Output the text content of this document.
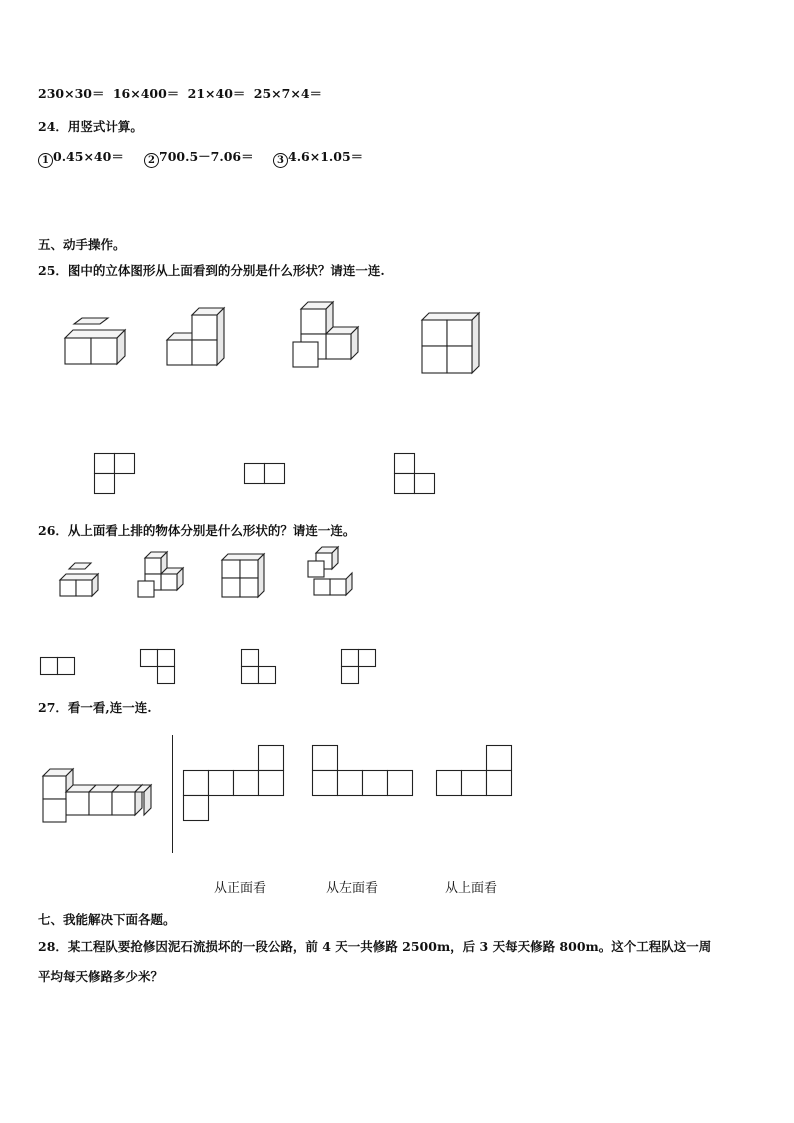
230×30＝ 16×400＝ 21×40＝ 25×7×4＝
24．用竖式计算。
1 0.45×40＝	2 700.5－7.06＝	3 4.6×1.05＝
五、动手操作。
25．图中的立体图形从上面看到的分别是什么形状？请连一连.
26．从上面看上排的物体分别是什么形状的？请连一连。
27．看一看,连一连.
从正面看	从左面看	从上面看
七、我能解决下面各题。
28．某工程队要抢修因泥石流损坏的一段公路，前 4 天一共修路 2500m，后 3 天每天修路 800m。这个工程队这一周
平均每天修路多少米？
